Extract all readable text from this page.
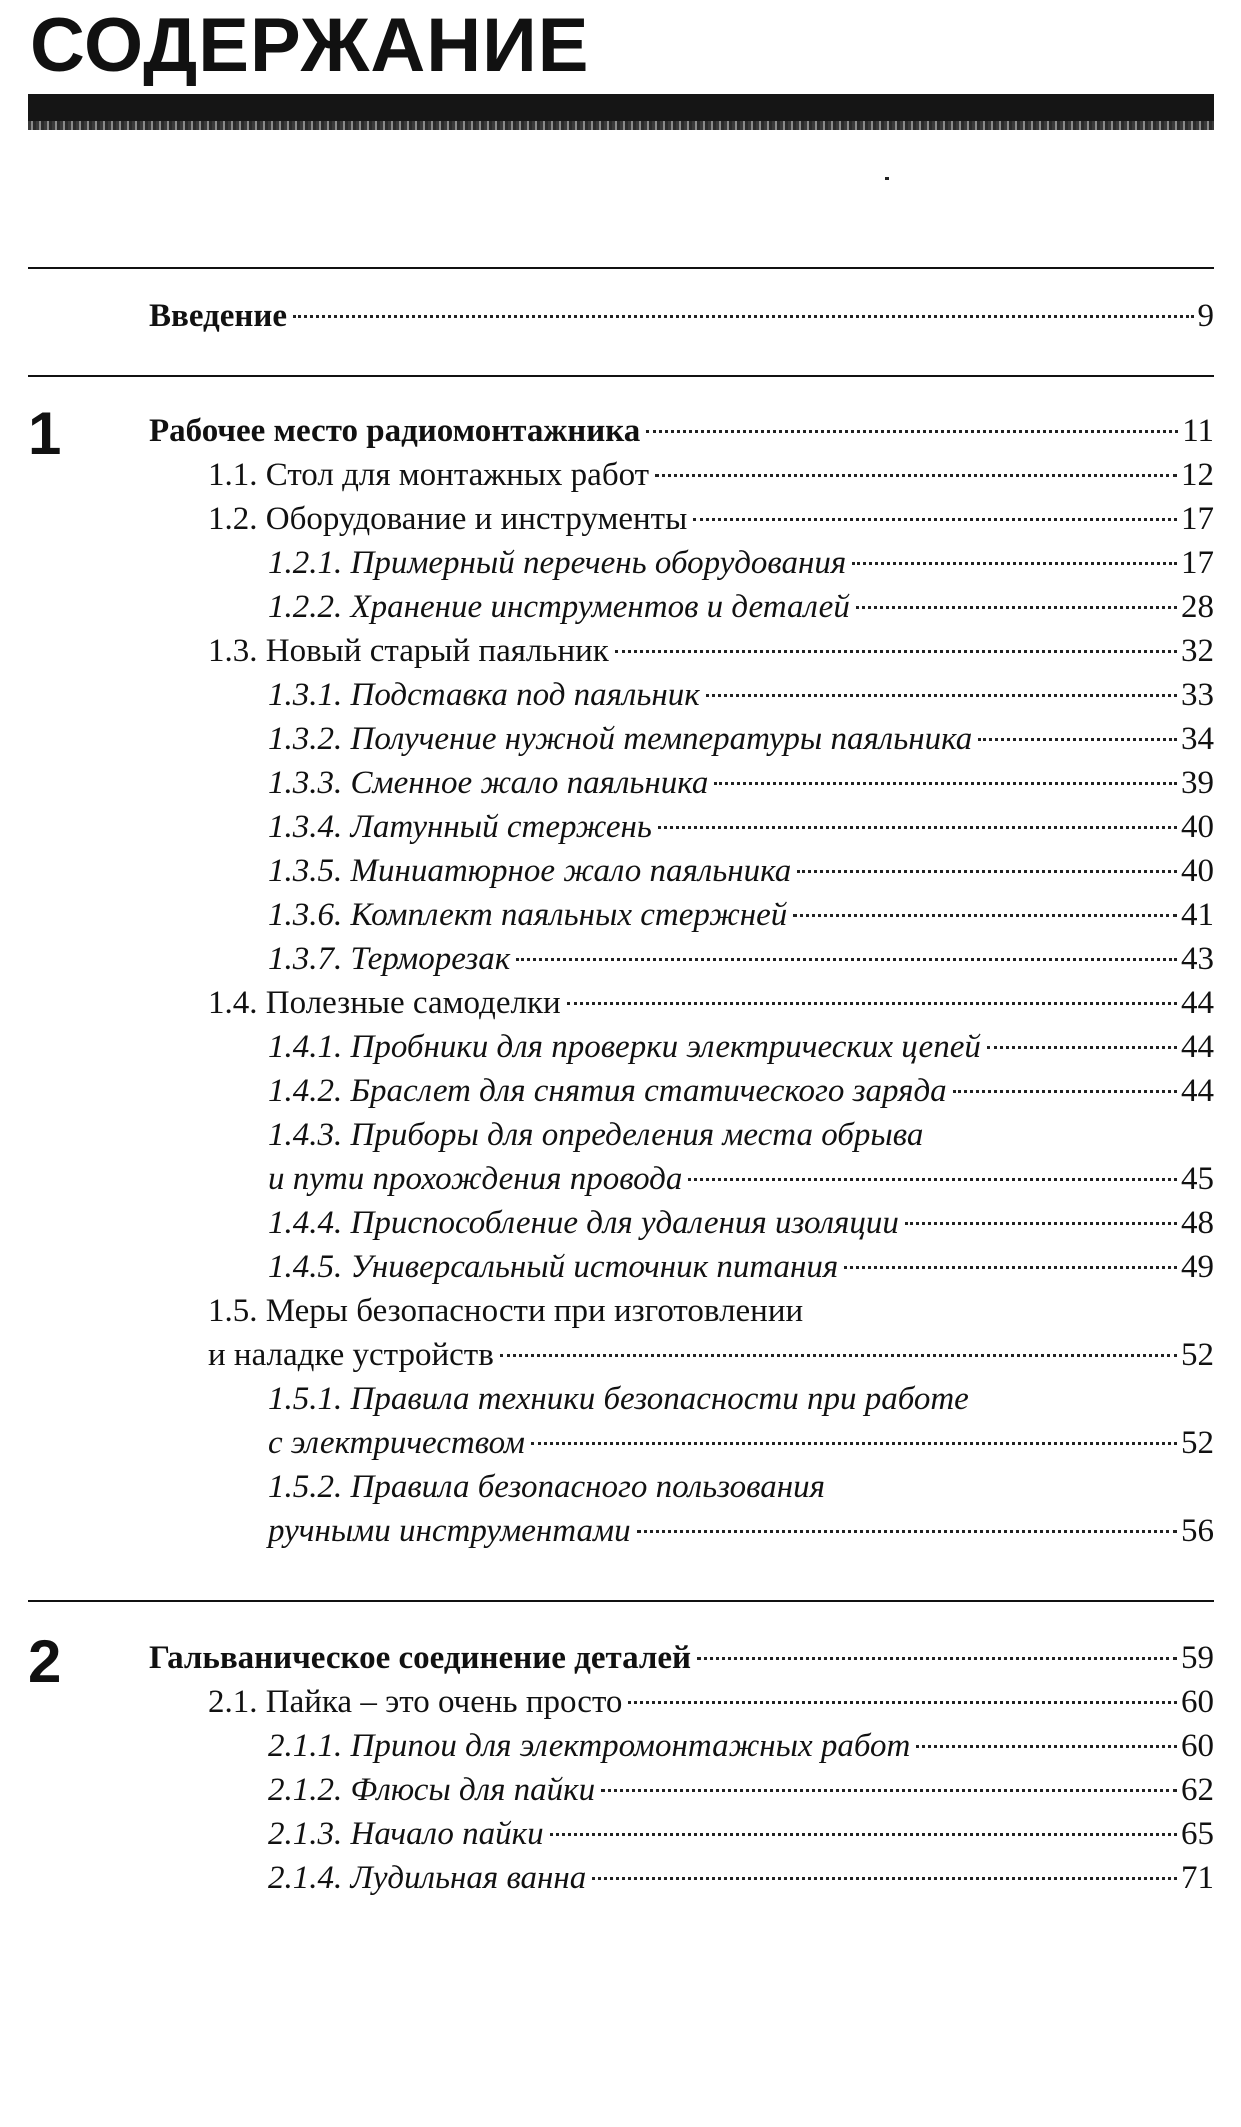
СОДЕРЖАНИЕ
Введение	9
1	Рабочее место радиомонтажника	11
1.1. Стол для монтажных работ	12
1.2. Оборудование и инструменты	17
1.2.1. Примерный перечень оборудования	17
1.2.2. Хранение инструментов и деталей	28
1.3. Новый старый паяльник	32
1.3.1. Подставка под паяльник	33
1.3.2. Получение нужной температуры паяльника	34
1.3.3. Сменное жало паяльника	39
1.3.4. Латунный стержень	40
1.3.5. Миниатюрное жало паяльника	40
1.3.6. Комплект паяльных стержней	41
1.3.7. Терморезак	43
1.4. Полезные самоделки	44
1.4.1. Пробники для проверки электрических цепей	44
1.4.2. Браслет для снятия статического заряда	44
1.4.3. Приборы для определения места обрыва
и пути прохождения провода	45
1.4.4. Приспособление для удаления изоляции	48
1.4.5. Универсальный источник питания	49
1.5. Меры безопасности при изготовлении
и наладке устройств	52
1.5.1. Правила техники безопасности при работе
с электричеством	52
1.5.2. Правила безопасного пользования
ручными инструментами	56
2	Гальваническое соединение деталей	59
2.1. Пайка – это очень просто	60
2.1.1. Припои для электромонтажных работ	60
2.1.2. Флюсы для пайки	62
2.1.3. Начало пайки	65
2.1.4. Лудильная ванна	71
